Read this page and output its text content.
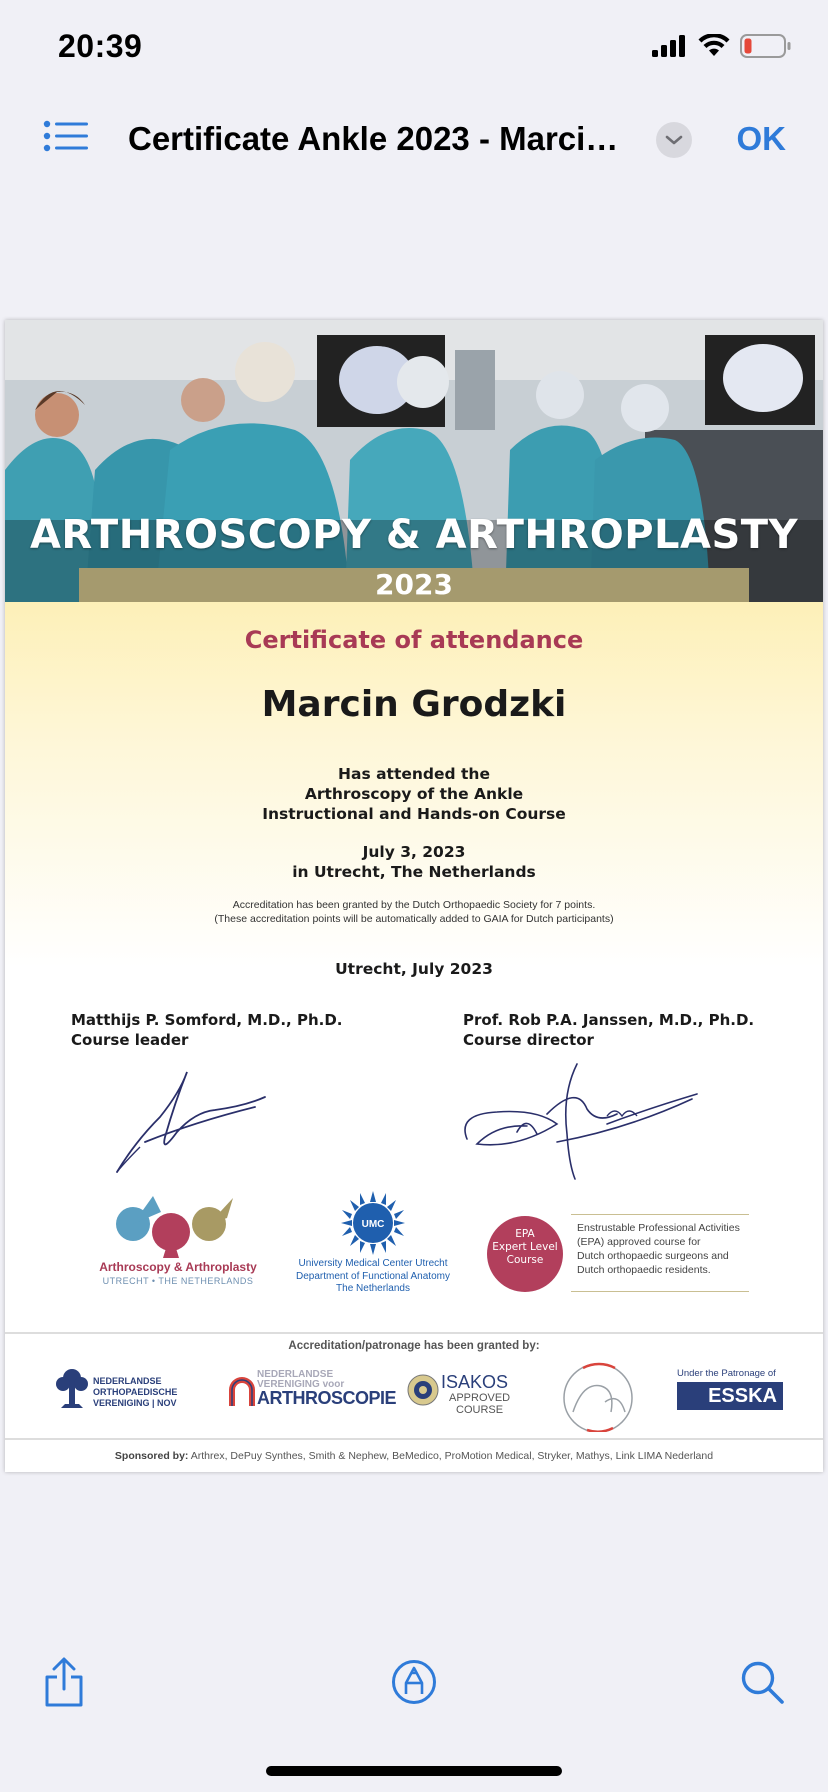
20:39
Certificate Ankle 2023 - Marci…	OK
ARTHROSCOPY & ARTHROPLASTY
2023
Certificate of attendance
Marcin Grodzki
Has attended the
Arthroscopy of the Ankle
Instructional and Hands-on Course
July 3, 2023
in Utrecht, The Netherlands
Accreditation has been granted by the Dutch Orthopaedic Society for 7 points.
(These accreditation points will be automatically added to GAIA for Dutch participants)
Utrecht, July 2023
Matthijs P. Somford, M.D., Ph.D.
Course leader
Prof. Rob P.A. Janssen, M.D., Ph.D.
Course director
Arthroscopy & Arthroplasty
UTRECHT • THE NETHERLANDS
UMC
University Medical Center Utrecht
Department of Functional Anatomy
The Netherlands
EPA
Expert Level
Course
Enstrustable Professional Activities
(EPA) approved course for
Dutch orthopaedic surgeons and
Dutch orthopaedic residents.
Accreditation/patronage has been granted by:
NEDERLANDSE
ORTHOPAEDISCHE
VERENIGING | NOV
NEDERLANDSE
VERENIGING voor
ARTHROSCOPIE
ISAKOS
APPROVED
COURSE
Under the Patronage of
ESSKA
Sponsored by: Arthrex, DePuy Synthes, Smith & Nephew, BeMedico, ProMotion Medical, Stryker, Mathys, Link LIMA Nederland
